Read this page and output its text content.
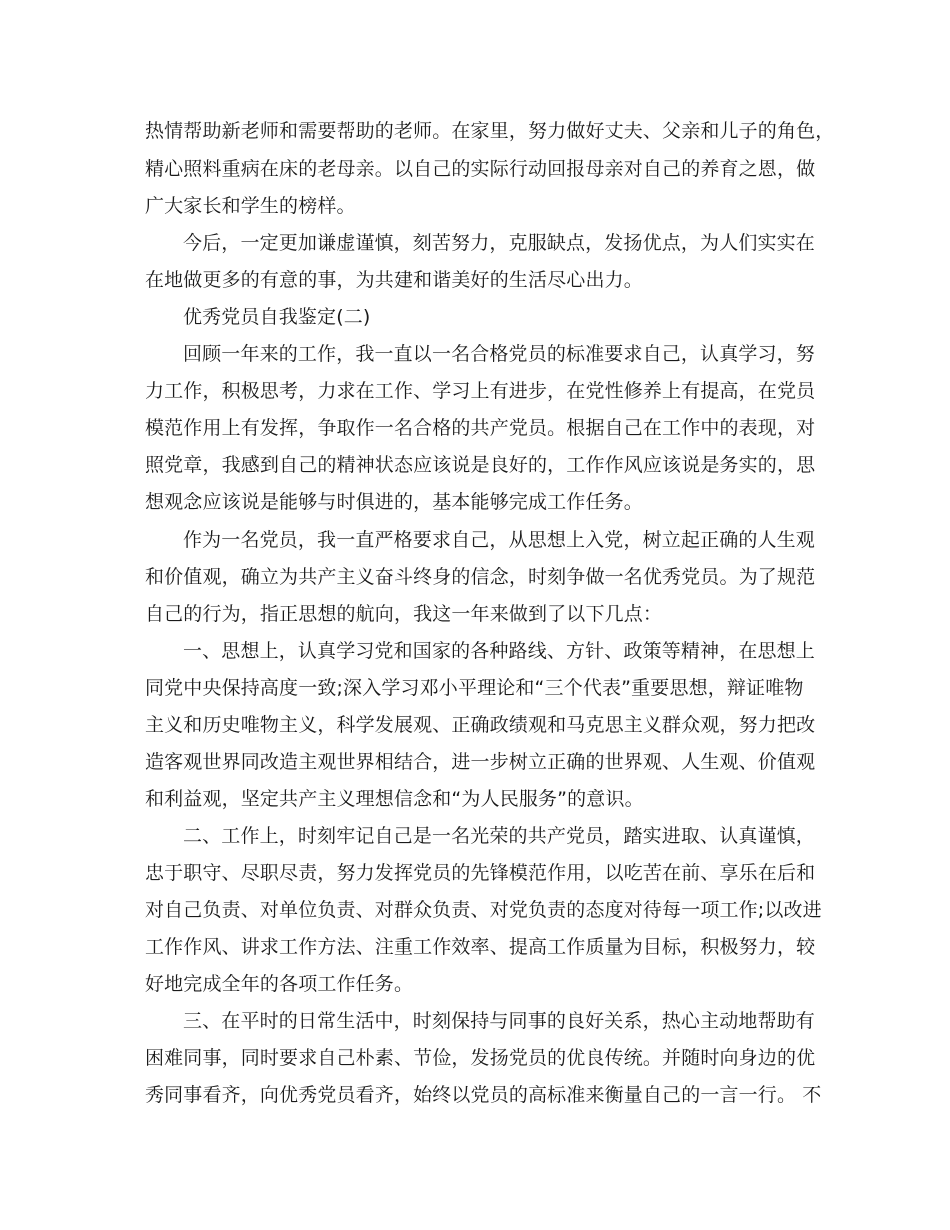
热情帮助新老师和需要帮助的老师。在家里，努力做好丈夫、父亲和儿子的角色，

精心照料重病在床的老母亲。以自己的实际行动回报母亲对自己的养育之恩，做

广大家长和学生的榜样。

今后，一定更加谦虚谨慎，刻苦努力，克服缺点，发扬优点，为人们实实在

在地做更多的有意的事，为共建和谐美好的生活尽心出力。

优秀党员自我鉴定(二)

回顾一年来的工作，我一直以一名合格党员的标准要求自己，认真学习，努

力工作，积极思考，力求在工作、学习上有进步，在党性修养上有提高，在党员

模范作用上有发挥，争取作一名合格的共产党员。根据自己在工作中的表现，对

照党章，我感到自己的精神状态应该说是良好的，工作作风应该说是务实的，思

想观念应该说是能够与时俱进的，基本能够完成工作任务。

作为一名党员，我一直严格要求自己，从思想上入党，树立起正确的人生观

和价值观，确立为共产主义奋斗终身的信念，时刻争做一名优秀党员。为了规范

自己的行为，指正思想的航向，我这一年来做到了以下几点：

一、思想上，认真学习党和国家的各种路线、方针、政策等精神，在思想上

同党中央保持高度一致;深入学习邓小平理论和“三个代表”重要思想，辩证唯物

主义和历史唯物主义，科学发展观、正确政绩观和马克思主义群众观，努力把改

造客观世界同改造主观世界相结合，进一步树立正确的世界观、人生观、价值观

和利益观，坚定共产主义理想信念和“为人民服务”的意识。

二、工作上，时刻牢记自己是一名光荣的共产党员，踏实进取、认真谨慎，

忠于职守、尽职尽责，努力发挥党员的先锋模范作用，以吃苦在前、享乐在后和

对自己负责、对单位负责、对群众负责、对党负责的态度对待每一项工作;以改进

工作作风、讲求工作方法、注重工作效率、提高工作质量为目标，积极努力，较

好地完成全年的各项工作任务。

三、在平时的日常生活中，时刻保持与同事的良好关系，热心主动地帮助有

困难同事，同时要求自己朴素、节俭，发扬党员的优良传统。并随时向身边的优

秀同事看齐，向优秀党员看齐，始终以党员的高标准来衡量自己的一言一行。 不
